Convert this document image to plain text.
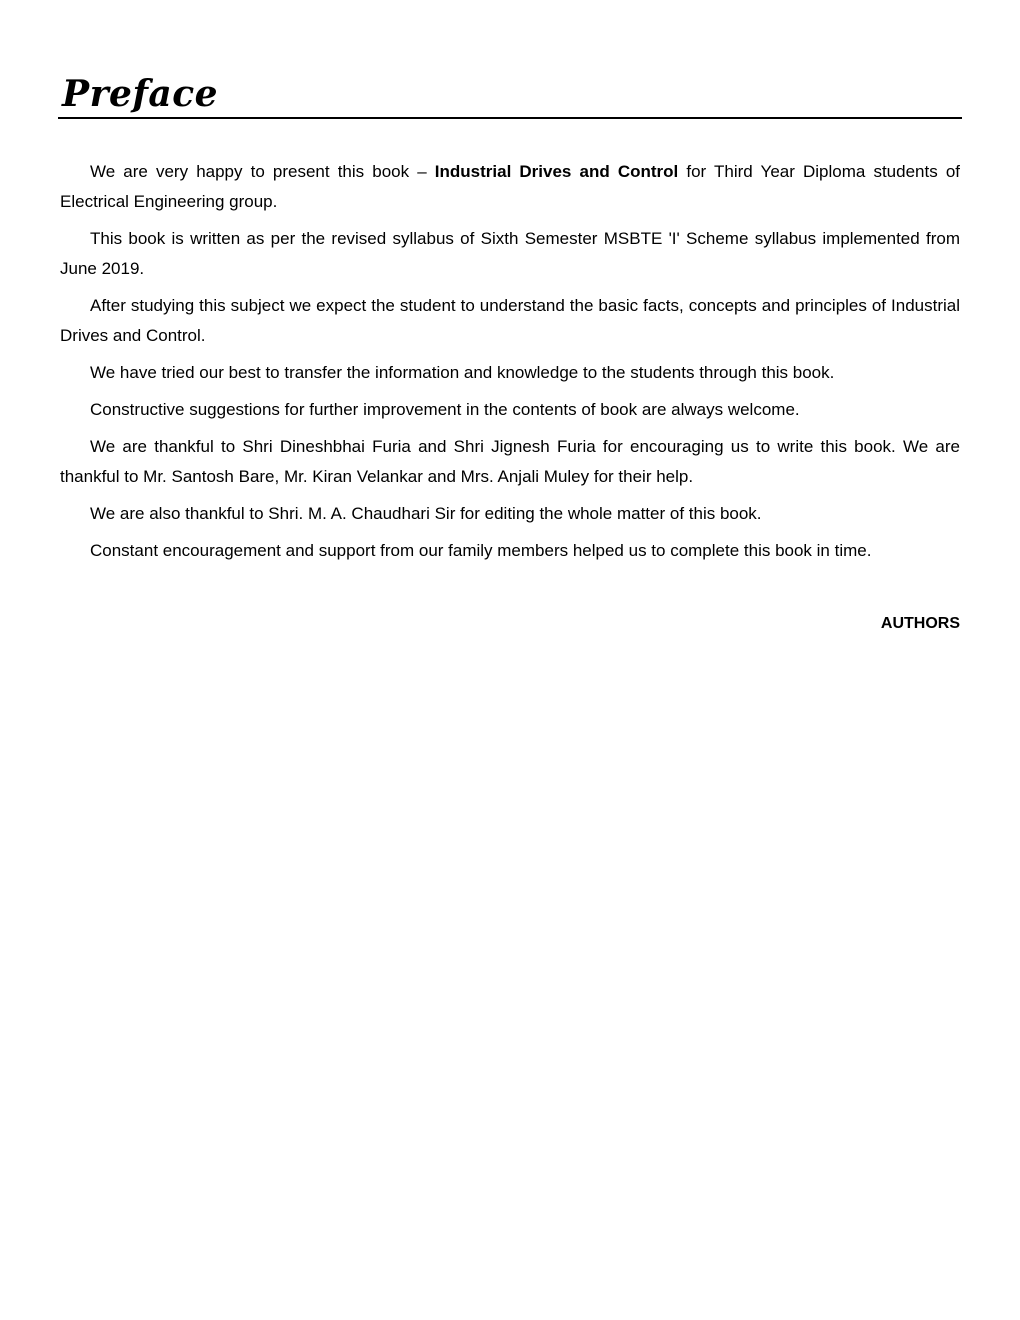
Preface

We are very happy to present this book – Industrial Drives and Control for Third Year Diploma students of Electrical Engineering group.

This book is written as per the revised syllabus of Sixth Semester MSBTE 'I' Scheme syllabus implemented from June 2019.

After studying this subject we expect the student to understand the basic facts, concepts and principles of Industrial Drives and Control.

We have tried our best to transfer the information and knowledge to the students through this book.

Constructive suggestions for further improvement in the contents of book are always welcome.

We are thankful to Shri Dineshbhai Furia and Shri Jignesh Furia for encouraging us to write this book. We are thankful to Mr. Santosh Bare, Mr. Kiran Velankar and Mrs. Anjali Muley for their help.

We are also thankful to Shri. M. A. Chaudhari Sir for editing the whole matter of this book.

Constant encouragement and support from our family members helped us to complete this book in time.

AUTHORS
